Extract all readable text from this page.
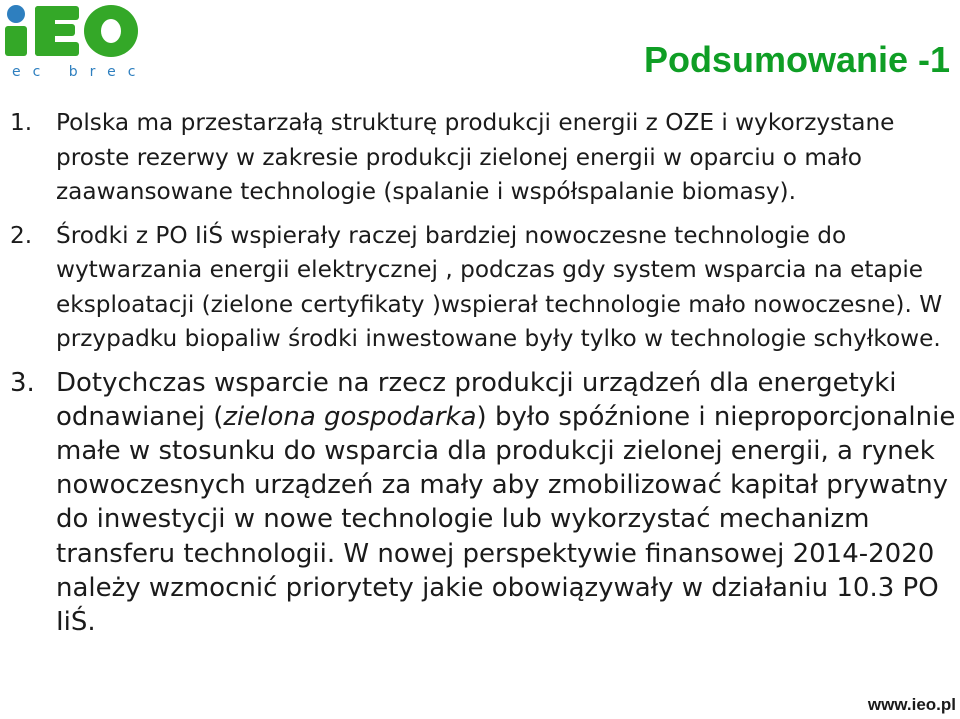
ec brec	Podsumowanie -1
1. Polska ma przestarzałą strukturę produkcji energii z OZE i wykorzystane proste rezerwy w zakresie produkcji zielonej energii w oparciu o mało zaawansowane technologie (spalanie i współspalanie biomasy).
2. Środki z PO IiŚ wspierały raczej bardziej nowoczesne technologie do wytwarzania energii elektrycznej , podczas gdy system wsparcia na etapie eksploatacji (zielone certyfikaty )wspierał technologie mało nowoczesne). W przypadku biopaliw środki inwestowane były tylko w technologie schyłkowe.
3. Dotychczas wsparcie na rzecz produkcji urządzeń dla energetyki odnawianej (zielona gospodarka) było spóźnione i nieproporcjonalnie małe w stosunku do wsparcia dla produkcji zielonej energii, a rynek nowoczesnych urządzeń za mały aby zmobilizować kapitał prywatny do inwestycji w nowe technologie lub wykorzystać mechanizm transferu technologii. W nowej perspektywie finansowej 2014-2020 należy wzmocnić priorytety jakie obowiązywały w działaniu 10.3 PO IiŚ.
www.ieo.pl
